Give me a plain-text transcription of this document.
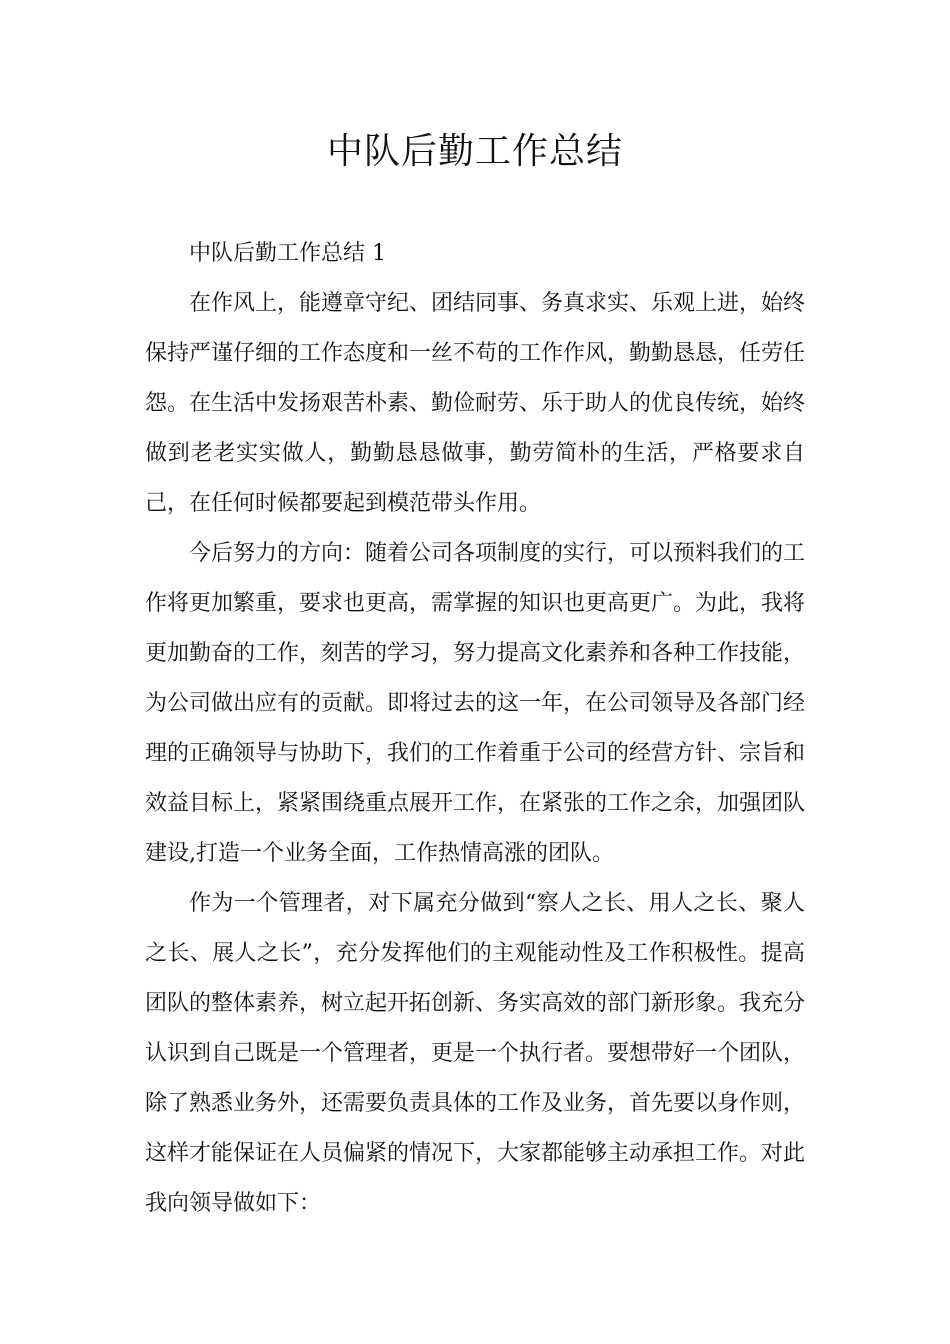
中队后勤工作总结

中队后勤工作总结 1

在作风上，能遵章守纪、团结同事、务真求实、乐观上进，始终保持严谨仔细的工作态度和一丝不苟的工作作风，勤勤恳恳，任劳任怨。在生活中发扬艰苦朴素、勤俭耐劳、乐于助人的优良传统，始终做到老老实实做人，勤勤恳恳做事，勤劳简朴的生活，严格要求自己，在任何时候都要起到模范带头作用。

今后努力的方向：随着公司各项制度的实行，可以预料我们的工作将更加繁重，要求也更高，需掌握的知识也更高更广。为此，我将更加勤奋的工作，刻苦的学习，努力提高文化素养和各种工作技能，为公司做出应有的贡献。即将过去的这一年，在公司领导及各部门经理的正确领导与协助下，我们的工作着重于公司的经营方针、宗旨和效益目标上，紧紧围绕重点展开工作，在紧张的工作之余，加强团队建设,打造一个业务全面，工作热情高涨的团队。

作为一个管理者，对下属充分做到“察人之长、用人之长、聚人之长、展人之长”，充分发挥他们的主观能动性及工作积极性。提高团队的整体素养，树立起开拓创新、务实高效的部门新形象。我充分认识到自己既是一个管理者，更是一个执行者。要想带好一个团队，除了熟悉业务外，还需要负责具体的工作及业务，首先要以身作则，这样才能保证在人员偏紧的情况下，大家都能够主动承担工作。对此我向领导做如下：
